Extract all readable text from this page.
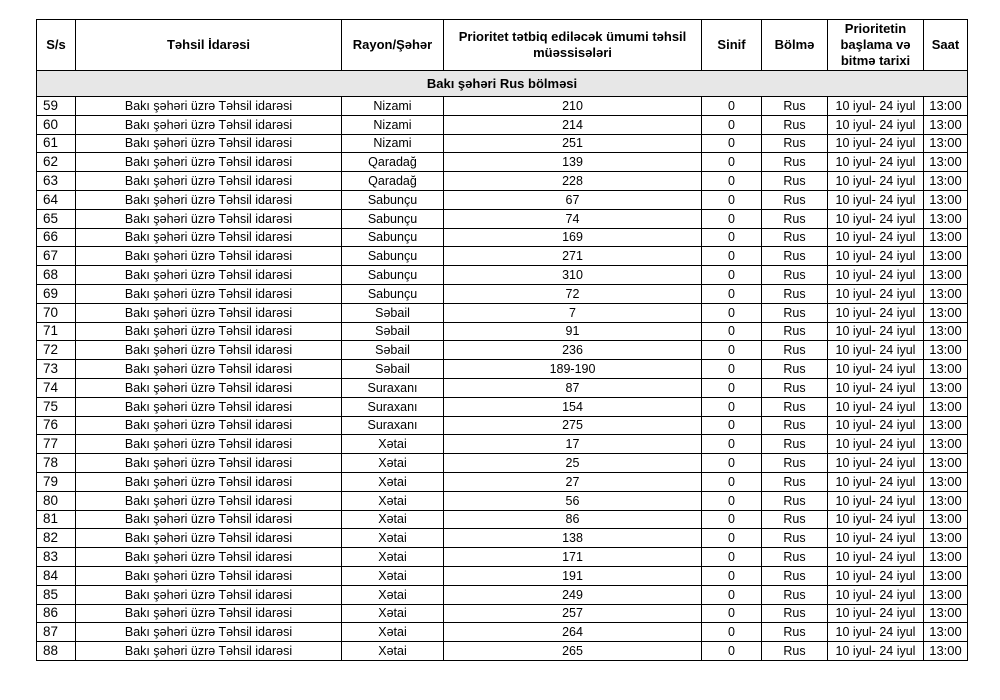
S/s	Təhsil İdarəsi	Rayon/Şəhər	Prioritet tətbiq ediləcək ümumi təhsil müəssisələri	Sinif	Bölmə	Prioritetin başlama və bitmə tarixi	Saat
Bakı şəhəri Rus bölməsi							
59	Bakı şəhəri üzrə Təhsil idarəsi	Nizami	210	0	Rus	10 iyul- 24 iyul	13:00
60	Bakı şəhəri üzrə Təhsil idarəsi	Nizami	214	0	Rus	10 iyul- 24 iyul	13:00
61	Bakı şəhəri üzrə Təhsil idarəsi	Nizami	251	0	Rus	10 iyul- 24 iyul	13:00
62	Bakı şəhəri üzrə Təhsil idarəsi	Qaradağ	139	0	Rus	10 iyul- 24 iyul	13:00
63	Bakı şəhəri üzrə Təhsil idarəsi	Qaradağ	228	0	Rus	10 iyul- 24 iyul	13:00
64	Bakı şəhəri üzrə Təhsil idarəsi	Sabunçu	67	0	Rus	10 iyul- 24 iyul	13:00
65	Bakı şəhəri üzrə Təhsil idarəsi	Sabunçu	74	0	Rus	10 iyul- 24 iyul	13:00
66	Bakı şəhəri üzrə Təhsil idarəsi	Sabunçu	169	0	Rus	10 iyul- 24 iyul	13:00
67	Bakı şəhəri üzrə Təhsil idarəsi	Sabunçu	271	0	Rus	10 iyul- 24 iyul	13:00
68	Bakı şəhəri üzrə Təhsil idarəsi	Sabunçu	310	0	Rus	10 iyul- 24 iyul	13:00
69	Bakı şəhəri üzrə Təhsil idarəsi	Sabunçu	72	0	Rus	10 iyul- 24 iyul	13:00
70	Bakı şəhəri üzrə Təhsil idarəsi	Səbail	7	0	Rus	10 iyul- 24 iyul	13:00
71	Bakı şəhəri üzrə Təhsil idarəsi	Səbail	91	0	Rus	10 iyul- 24 iyul	13:00
72	Bakı şəhəri üzrə Təhsil idarəsi	Səbail	236	0	Rus	10 iyul- 24 iyul	13:00
73	Bakı şəhəri üzrə Təhsil idarəsi	Səbail	189-190	0	Rus	10 iyul- 24 iyul	13:00
74	Bakı şəhəri üzrə Təhsil idarəsi	Suraxanı	87	0	Rus	10 iyul- 24 iyul	13:00
75	Bakı şəhəri üzrə Təhsil idarəsi	Suraxanı	154	0	Rus	10 iyul- 24 iyul	13:00
76	Bakı şəhəri üzrə Təhsil idarəsi	Suraxanı	275	0	Rus	10 iyul- 24 iyul	13:00
77	Bakı şəhəri üzrə Təhsil idarəsi	Xətai	17	0	Rus	10 iyul- 24 iyul	13:00
78	Bakı şəhəri üzrə Təhsil idarəsi	Xətai	25	0	Rus	10 iyul- 24 iyul	13:00
79	Bakı şəhəri üzrə Təhsil idarəsi	Xətai	27	0	Rus	10 iyul- 24 iyul	13:00
80	Bakı şəhəri üzrə Təhsil idarəsi	Xətai	56	0	Rus	10 iyul- 24 iyul	13:00
81	Bakı şəhəri üzrə Təhsil idarəsi	Xətai	86	0	Rus	10 iyul- 24 iyul	13:00
82	Bakı şəhəri üzrə Təhsil idarəsi	Xətai	138	0	Rus	10 iyul- 24 iyul	13:00
83	Bakı şəhəri üzrə Təhsil idarəsi	Xətai	171	0	Rus	10 iyul- 24 iyul	13:00
84	Bakı şəhəri üzrə Təhsil idarəsi	Xətai	191	0	Rus	10 iyul- 24 iyul	13:00
85	Bakı şəhəri üzrə Təhsil idarəsi	Xətai	249	0	Rus	10 iyul- 24 iyul	13:00
86	Bakı şəhəri üzrə Təhsil idarəsi	Xətai	257	0	Rus	10 iyul- 24 iyul	13:00
87	Bakı şəhəri üzrə Təhsil idarəsi	Xətai	264	0	Rus	10 iyul- 24 iyul	13:00
88	Bakı şəhəri üzrə Təhsil idarəsi	Xətai	265	0	Rus	10 iyul- 24 iyul	13:00
